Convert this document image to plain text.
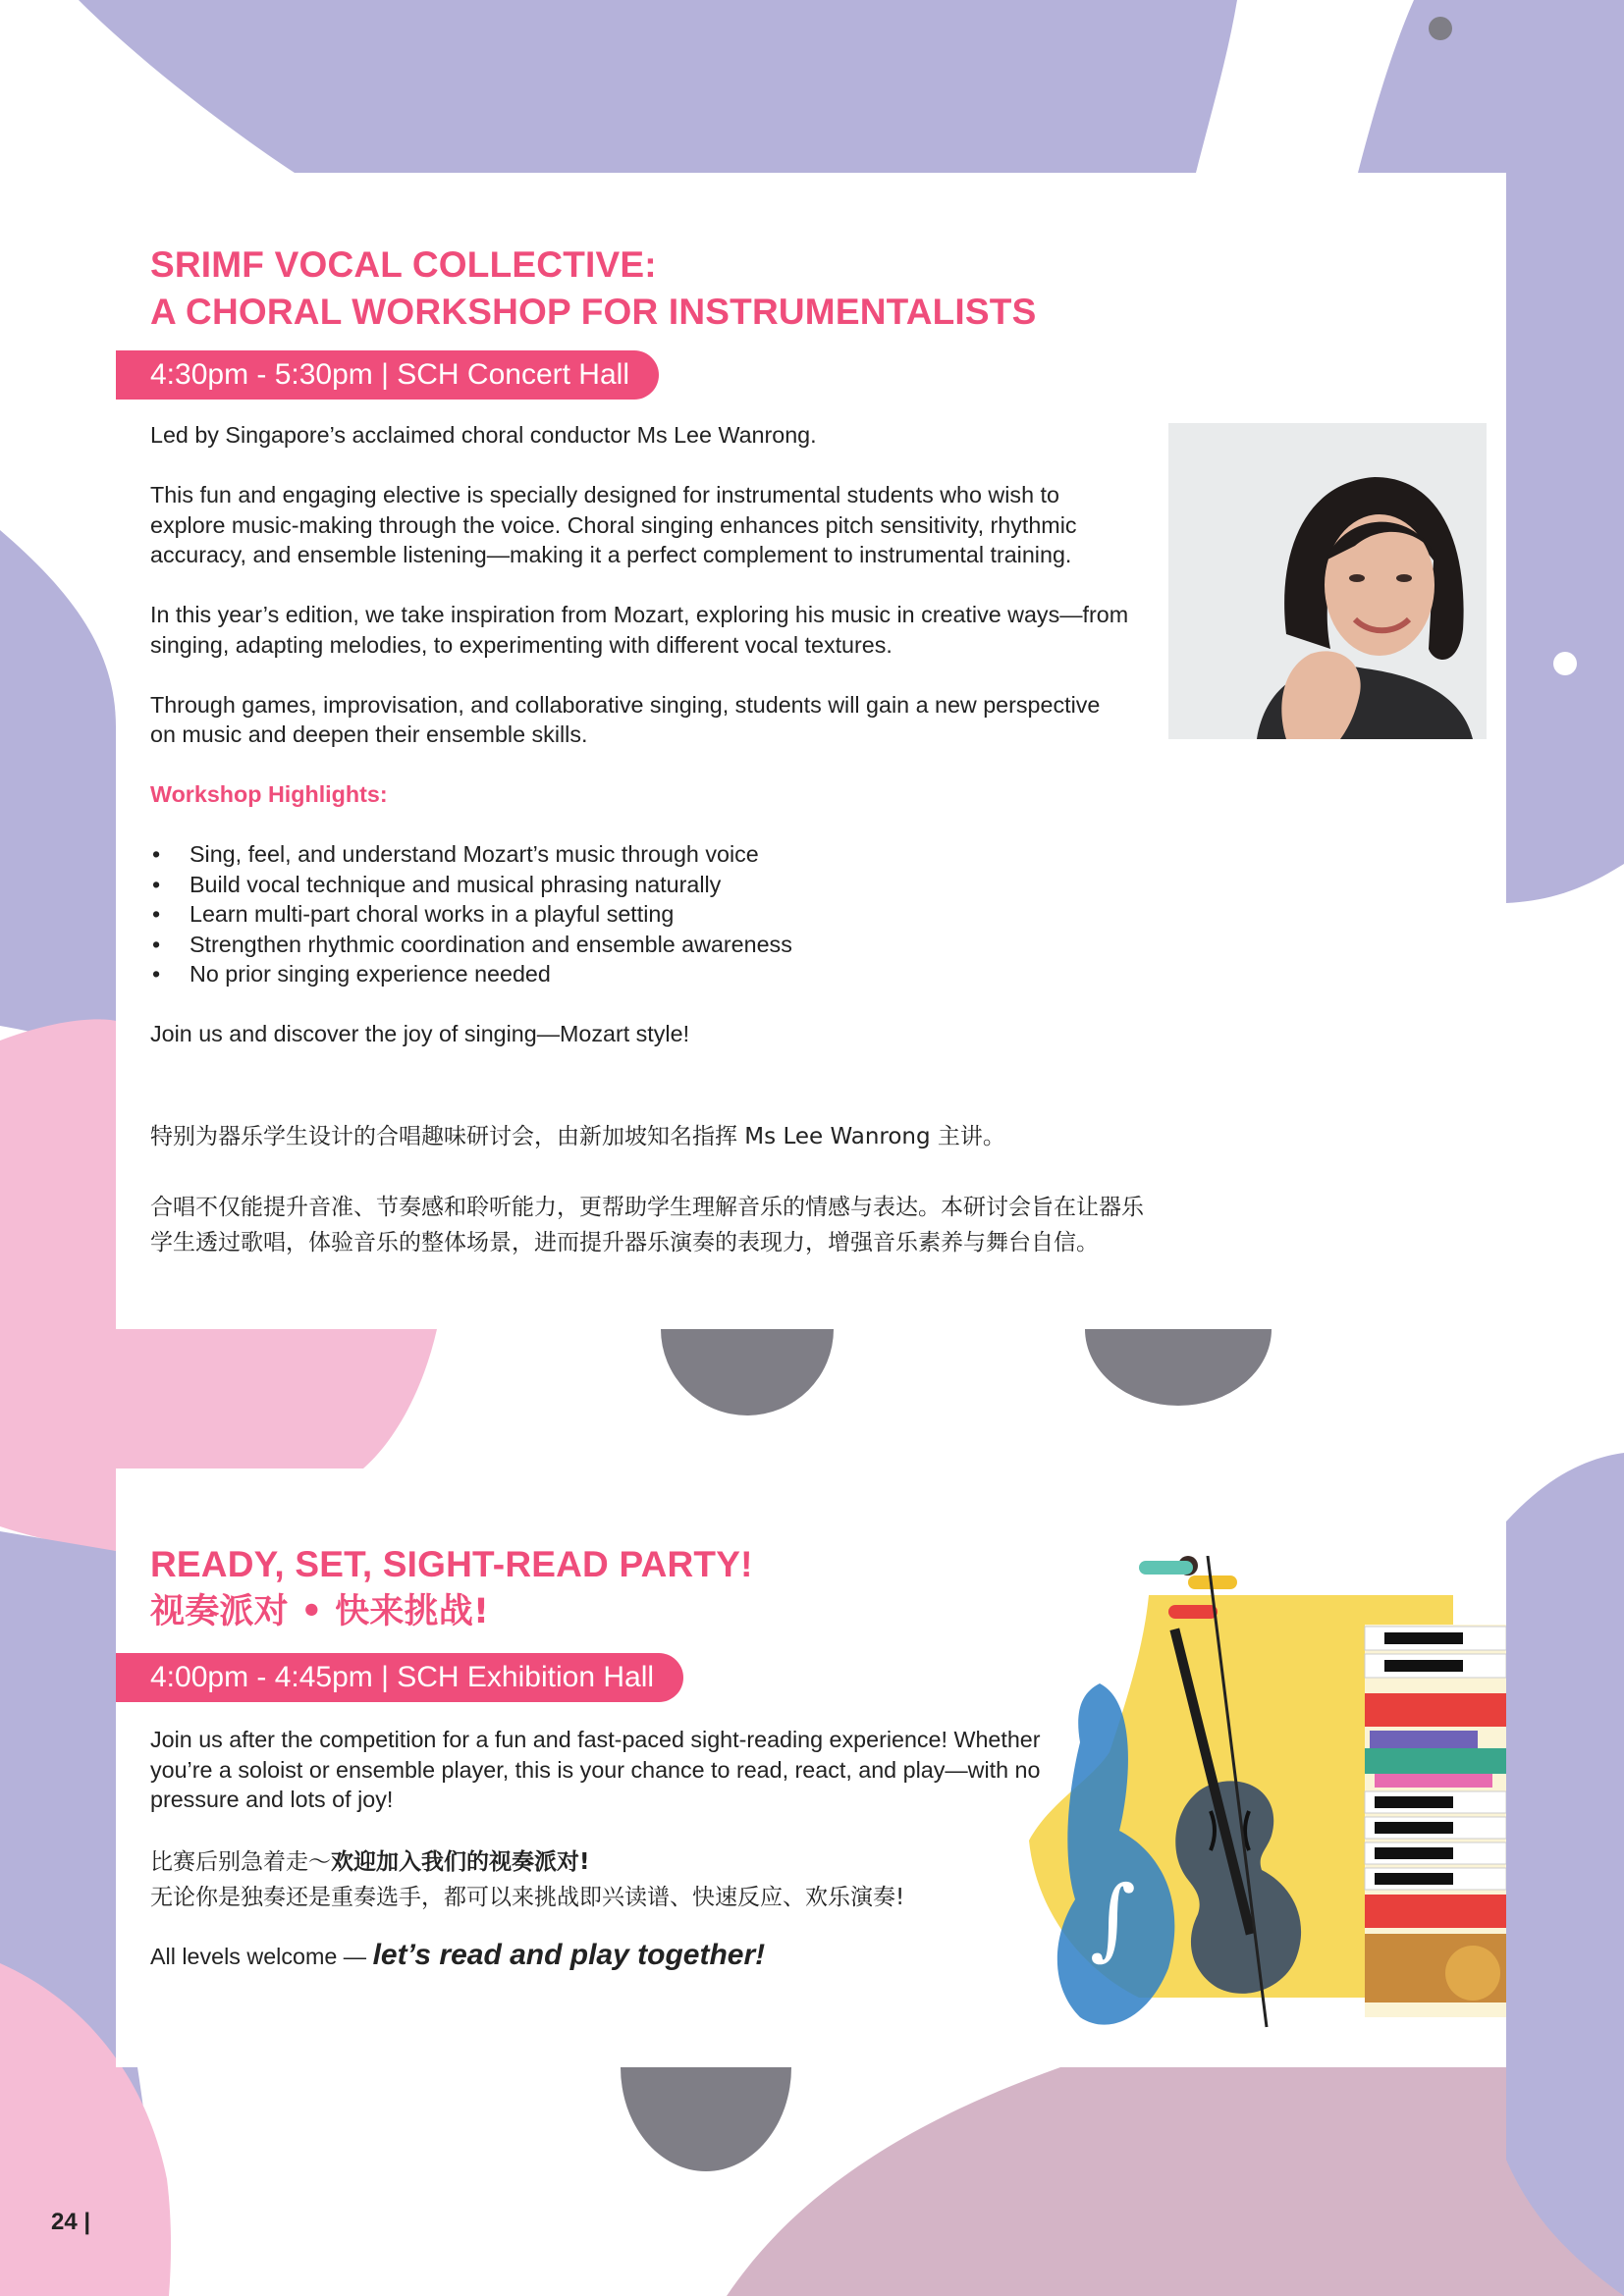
SRIMF VOCAL COLLECTIVE:
A CHORAL WORKSHOP FOR INSTRUMENTALISTS
4:30pm - 5:30pm | SCH Concert Hall

Led by Singapore’s acclaimed choral conductor Ms Lee Wanrong.

This fun and engaging elective is specially designed for instrumental students who wish to explore music-making through the voice. Choral singing enhances pitch sensitivity, rhythmic accuracy, and ensemble listening—making it a perfect complement to instrumental training.

In this year’s edition, we take inspiration from Mozart, exploring his music in creative ways—from singing, adapting melodies, to experimenting with different vocal textures.

Through games, improvisation, and collaborative singing, students will gain a new perspective on music and deepen their ensemble skills.

Workshop Highlights:

• Sing, feel, and understand Mozart’s music through voice
• Build vocal technique and musical phrasing naturally
• Learn multi-part choral works in a playful setting
• Strengthen rhythmic coordination and ensemble awareness
• No prior singing experience needed

Join us and discover the joy of singing—Mozart style!

特别为器乐学生设计的合唱趣味研讨会，由新加坡知名指挥 Ms Lee Wanrong 主讲。

合唱不仅能提升音准、节奏感和聆听能力，更帮助学生理解音乐的情感与表达。本研讨会旨在让器乐学生透过歌唱，体验音乐的整体场景，进而提升器乐演奏的表现力，增强音乐素养与舞台自信。

READY, SET, SIGHT-READ PARTY!
视奏派对 • 快来挑战!
4:00pm - 4:45pm | SCH Exhibition Hall

Join us after the competition for a fun and fast-paced sight-reading experience! Whether you’re a soloist or ensemble player, this is your chance to read, react, and play—with no pressure and lots of joy!

比赛后别急着走～欢迎加入我们的视奏派对!

无论你是独奏还是重奏选手，都可以来挑战即兴读谱、快速反应、欢乐演奏!

All levels welcome — let’s read and play together!	∫
24 |
